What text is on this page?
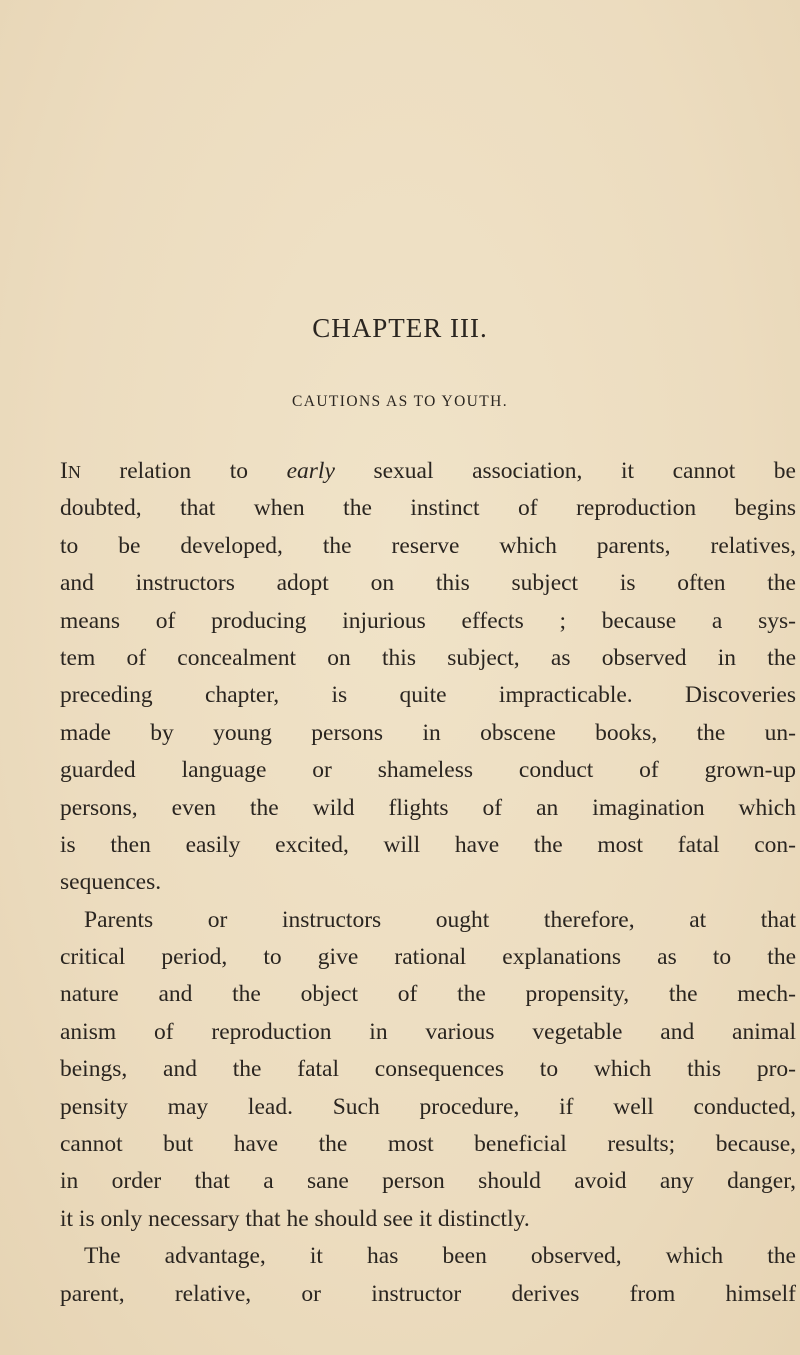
CHAPTER III.
CAUTIONS AS TO YOUTH.
IN relation to early sexual association, it cannot be
doubted, that when the instinct of reproduction begins
to be developed, the reserve which parents, relatives,
and instructors adopt on this subject is often the
means of producing injurious effects ; because a sys-
tem of concealment on this subject, as observed in the
preceding chapter, is quite impracticable. Discoveries
made by young persons in obscene books, the un-
guarded language or shameless conduct of grown-up
persons, even the wild flights of an imagination which
is then easily excited, will have the most fatal con-
sequences.
Parents or instructors ought therefore, at that
critical period, to give rational explanations as to the
nature and the object of the propensity, the mech-
anism of reproduction in various vegetable and animal
beings, and the fatal consequences to which this pro-
pensity may lead. Such procedure, if well conducted,
cannot but have the most beneficial results; because,
in order that a sane person should avoid any danger,
it is only necessary that he should see it distinctly.
The advantage, it has been observed, which the
parent, relative, or instructor derives from himself
